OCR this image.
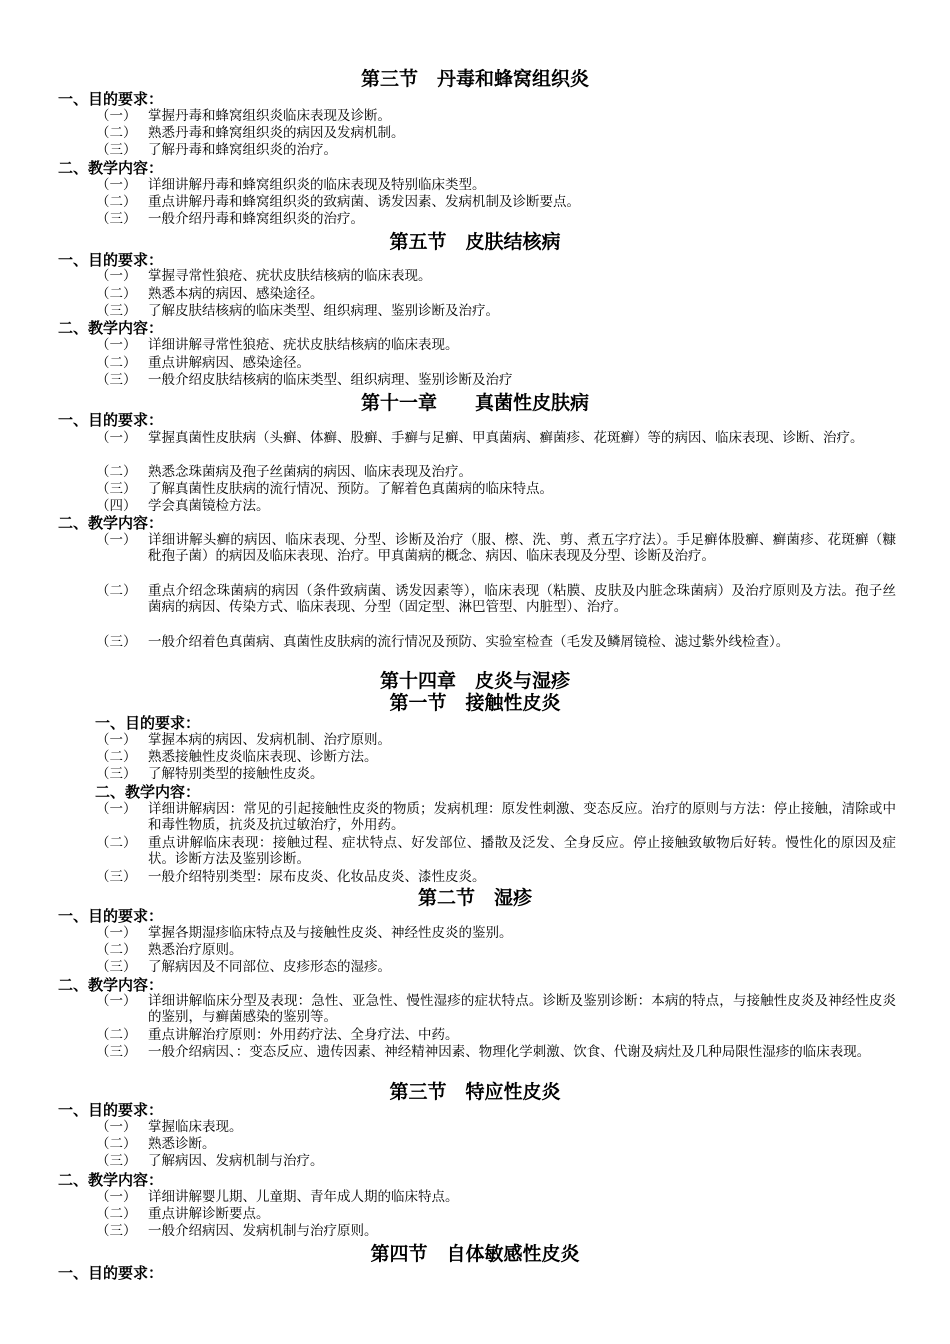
第三节　丹毒和蜂窝组织炎
一、目的要求：
（一） 掌握丹毒和蜂窝组织炎临床表现及诊断。
（二） 熟悉丹毒和蜂窝组织炎的病因及发病机制。
（三） 了解丹毒和蜂窝组织炎的治疗。
二、教学内容：
（一） 详细讲解丹毒和蜂窝组织炎的临床表现及特别临床类型。
（二） 重点讲解丹毒和蜂窝组织炎的致病菌、诱发因素、发病机制及诊断要点。
（三） 一般介绍丹毒和蜂窝组织炎的治疗。
第五节　皮肤结核病
一、目的要求：
（一） 掌握寻常性狼疮、疣状皮肤结核病的临床表现。
（二） 熟悉本病的病因、感染途径。
（三） 了解皮肤结核病的临床类型、组织病理、鉴别诊断及治疗。
二、教学内容：
（一） 详细讲解寻常性狼疮、疣状皮肤结核病的临床表现。
（二） 重点讲解病因、感染途径。
（三） 一般介绍皮肤结核病的临床类型、组织病理、鉴别诊断及治疗
第十一章　　真菌性皮肤病
一、目的要求：
（一） 掌握真菌性皮肤病（头癣、体癣、股癣、手癣与足癣、甲真菌病、癣菌疹、花斑癣）等的病因、临床表现、诊断、治疗。
（二） 熟悉念珠菌病及孢子丝菌病的病因、临床表现及治疗。
（三） 了解真菌性皮肤病的流行情况、预防。了解着色真菌病的临床特点。
（四） 学会真菌镜检方法。
二、教学内容：
（一） 详细讲解头癣的病因、临床表现、分型、诊断及治疗（服、檫、洗、剪、煮五字疗法）。手足癣体股癣、癣菌疹、花斑癣（糠秕孢子菌）的病因及临床表现、治疗。甲真菌病的概念、病因、临床表现及分型、诊断及治疗。
（二） 重点介绍念珠菌病的病因（条件致病菌、诱发因素等），临床表现（粘膜、皮肤及内脏念珠菌病）及治疗原则及方法。孢子丝菌病的病因、传染方式、临床表现、分型（固定型、淋巴管型、内脏型）、治疗。
（三） 一般介绍着色真菌病、真菌性皮肤病的流行情况及预防、实验室检查（毛发及鳞屑镜检、滤过紫外线检查）。
第十四章　皮炎与湿疹
第一节　接触性皮炎
一、目的要求：
（一） 掌握本病的病因、发病机制、治疗原则。
（二） 熟悉接触性皮炎临床表现、诊断方法。
（三） 了解特别类型的接触性皮炎。
二、教学内容：
（一） 详细讲解病因：常见的引起接触性皮炎的物质；发病机理：原发性刺激、变态反应。治疗的原则与方法：停止接触，清除或中和毒性物质，抗炎及抗过敏治疗，外用药。
（二） 重点讲解临床表现：接触过程、症状特点、好发部位、播散及泛发、全身反应。停止接触致敏物后好转。慢性化的原因及症状。诊断方法及鉴别诊断。
（三） 一般介绍特别类型：尿布皮炎、化妆品皮炎、漆性皮炎。
第二节　湿疹
一、目的要求：
（一） 掌握各期湿疹临床特点及与接触性皮炎、神经性皮炎的鉴别。
（二） 熟悉治疗原则。
（三） 了解病因及不同部位、皮疹形态的湿疹。
二、教学内容：
（一） 详细讲解临床分型及表现：急性、亚急性、慢性湿疹的症状特点。诊断及鉴别诊断：本病的特点，与接触性皮炎及神经性皮炎的鉴别，与癣菌感染的鉴别等。
（二） 重点讲解治疗原则：外用药疗法、全身疗法、中药。
（三） 一般介绍病因、：变态反应、遗传因素、神经精神因素、物理化学刺激、饮食、代谢及病灶及几种局限性湿疹的临床表现。
第三节　特应性皮炎
一、目的要求：
（一） 掌握临床表现。
（二） 熟悉诊断。
（三） 了解病因、发病机制与治疗。
二、教学内容：
（一） 详细讲解婴儿期、儿童期、青年成人期的临床特点。
（二） 重点讲解诊断要点。
（三） 一般介绍病因、发病机制与治疗原则。
第四节　自体敏感性皮炎
一、目的要求：
